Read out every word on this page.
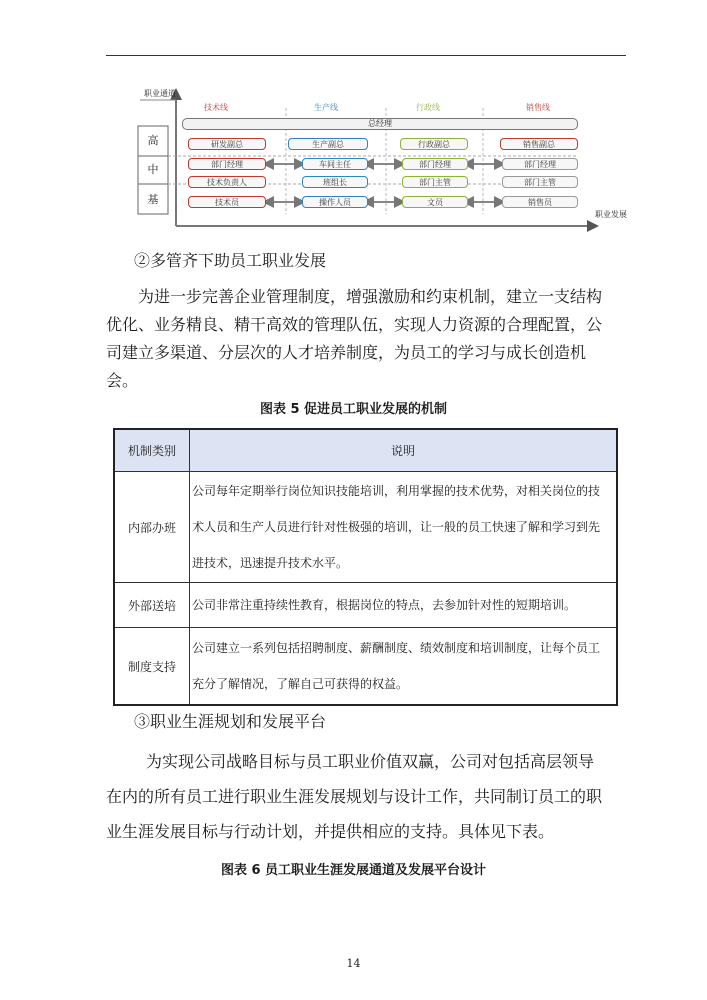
职业通道
职业发展
技术线	生产线	行政线	销售线
高
中
基
总经理
研发副总	生产副总	行政副总	销售副总
部门经理	车间主任	部门经理	部门经理
技术负责人	班组长	部门主管	部门主管
技术员	操作人员	文员	销售员
②多管齐下助员工职业发展
为进一步完善企业管理制度，增强激励和约束机制，建立一支结构
优化、业务精良、精干高效的管理队伍，实现人力资源的合理配置，公
司建立多渠道、分层次的人才培养制度，为员工的学习与成长创造机
会。
图表 5 促进员工职业发展的机制
机制类别	说明
内部办班	公司每年定期举行岗位知识技能培训，利用掌握的技术优势，对相关岗位的技
术人员和生产人员进行针对性极强的培训，让一般的员工快速了解和学习到先
进技术，迅速提升技术水平。

外部送培	公司非常注重持续性教育，根据岗位的特点，去参加针对性的短期培训。

制度支持	公司建立一系列包括招聘制度、薪酬制度、绩效制度和培训制度，让每个员工
充分了解情况，了解自己可获得的权益。
③职业生涯规划和发展平台
为实现公司战略目标与员工职业价值双赢，公司对包括高层领导
在内的所有员工进行职业生涯发展规划与设计工作，共同制订员工的职
业生涯发展目标与行动计划，并提供相应的支持。具体见下表。
图表 6 员工职业生涯发展通道及发展平台设计
14
